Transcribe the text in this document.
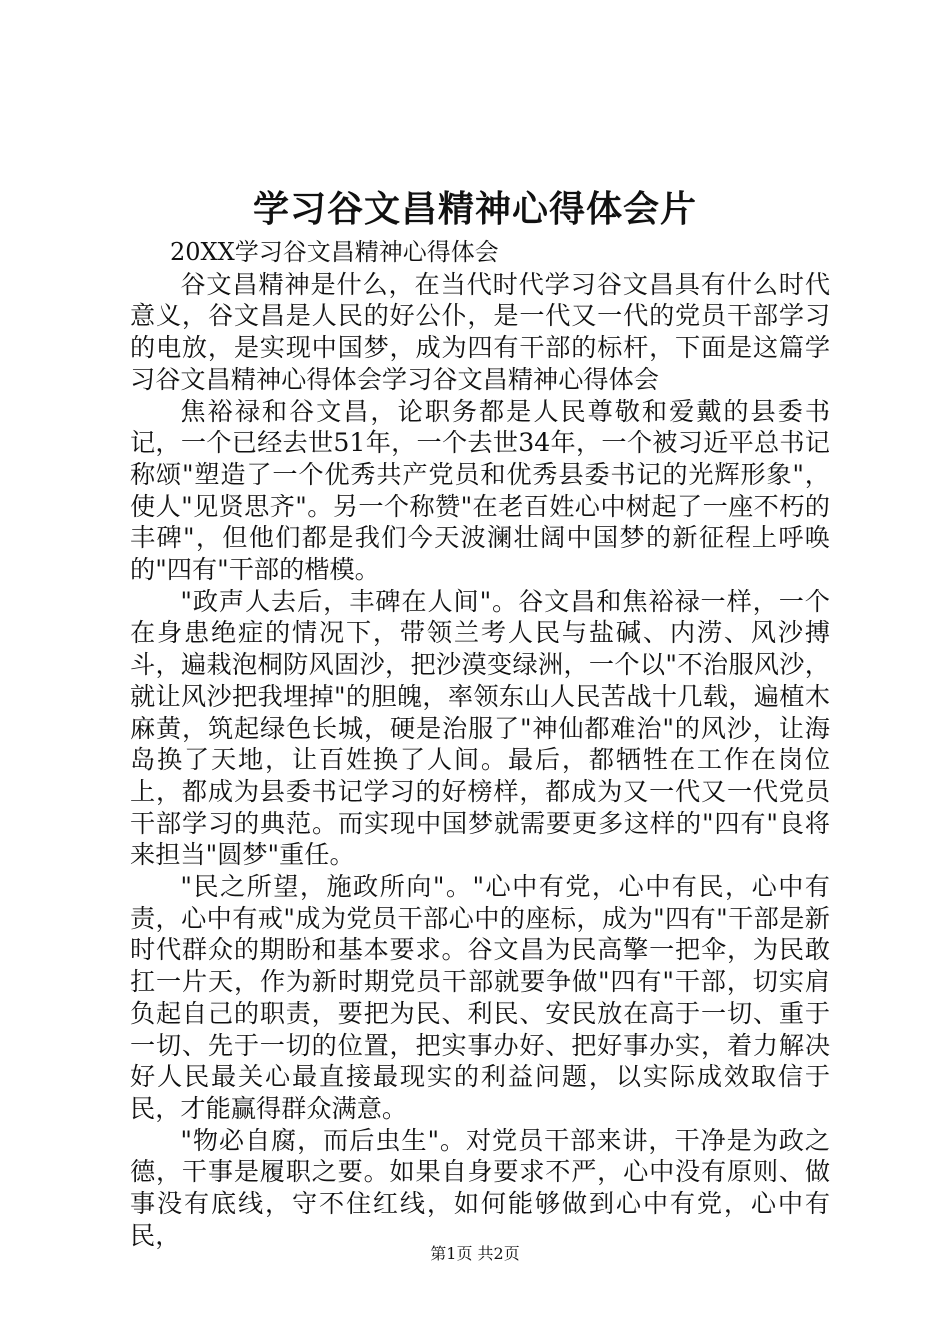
学习谷文昌精神心得体会片

20XX学习谷文昌精神心得体会

谷文昌精神是什么，在当代时代学习谷文昌具有什么时代意义，谷文昌是人民的好公仆，是一代又一代的党员干部学习的电放，是实现中国梦，成为四有干部的标杆，下面是这篇学习谷文昌精神心得体会学习谷文昌精神心得体会

焦裕禄和谷文昌，论职务都是人民尊敬和爱戴的县委书记，一个已经去世51年，一个去世34年，一个被习近平总书记称颂"塑造了一个优秀共产党员和优秀县委书记的光辉形象"，使人"见贤思齐"。另一个称赞"在老百姓心中树起了一座不朽的丰碑"，但他们都是我们今天波澜壮阔中国梦的新征程上呼唤的"四有"干部的楷模。

"政声人去后，丰碑在人间"。谷文昌和焦裕禄一样，一个在身患绝症的情况下，带领兰考人民与盐碱、内涝、风沙搏斗，遍栽泡桐防风固沙，把沙漠变绿洲，一个以"不治服风沙，就让风沙把我埋掉"的胆魄，率领东山人民苦战十几载，遍植木麻黄，筑起绿色长城，硬是治服了"神仙都难治"的风沙，让海岛换了天地，让百姓换了人间。最后，都牺牲在工作在岗位上，都成为县委书记学习的好榜样，都成为又一代又一代党员干部学习的典范。而实现中国梦就需要更多这样的"四有"良将来担当"圆梦"重任。

"民之所望，施政所向"。"心中有党，心中有民，心中有责，心中有戒"成为党员干部心中的座标，成为"四有"干部是新时代群众的期盼和基本要求。谷文昌为民高擎一把伞，为民敢扛一片天，作为新时期党员干部就要争做"四有"干部，切实肩负起自己的职责，要把为民、利民、安民放在高于一切、重于一切、先于一切的位置，把实事办好、把好事办实，着力解决好人民最关心最直接最现实的利益问题，以实际成效取信于民，才能赢得群众满意。

"物必自腐，而后虫生"。对党员干部来讲，干净是为政之德，干事是履职之要。如果自身要求不严，心中没有原则、做事没有底线，守不住红线，如何能够做到心中有党，心中有民，

第1页 共2页
